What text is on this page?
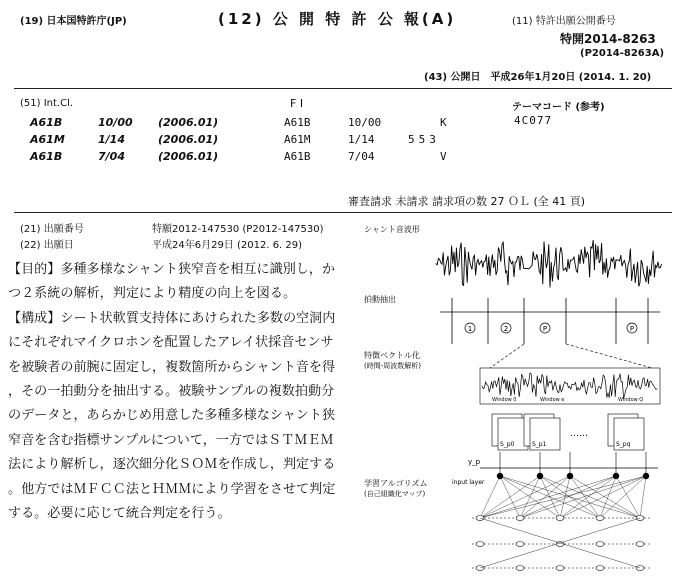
(19) 日本国特許庁(JP)	(12) 公 開 特 許 公 報(A)	(11) 特許出願公開番号
特開2014-8263
(P2014-8263A)
(43) 公開日　平成26年1月20日 (2014. 1. 20)
(51) Int.Cl.	F I	テーマコード (参考)
4C077
A61B	10/00 (2006.01)	A61B	10/00	K
A61M	1/14	(2006.01)	A61M	1/14	553
A61B	7/04	(2006.01)	A61B	7/04	V
審査請求 未請求 請求項の数 27 ＯＬ (全 41 頁)
(21) 出願番号	特願2012-147530 (P2012-147530)
(22) 出願日	平成24年6月29日 (2012. 6. 29)

【目的】多種多様なシャント狭窄音を相互に識別し，か

つ２系統の解析，判定により精度の向上を図る。

【構成】シート状軟質支持体にあけられた多数の空洞内

にそれぞれマイクロホンを配置したアレイ状採音センサ

を被験者の前腕に固定し，複数箇所からシャント音を得

，その一拍動分を抽出する。被験サンプルの複数拍動分

のデータと，あらかじめ用意した多種多様なシャント狭

窄音を含む指標サンプルについて，一方ではＳＴＭＥＭ

法により解析し，逐次細分化ＳＯＭを作成し，判定する

。他方ではＭＦＣＣ法とＨＭＭにより学習をさせて判定

する。必要に応じて統合判定を行う。

シャント音波形
拍動抽出
特徴ベクトル化
(時間-周波数解析)
学習アルゴリズム
(自己組織化マップ)
1	2	P	P
Window 0	Window e	Window Q
S_p0	S_p1	S_pq
……
y_p
input layer
